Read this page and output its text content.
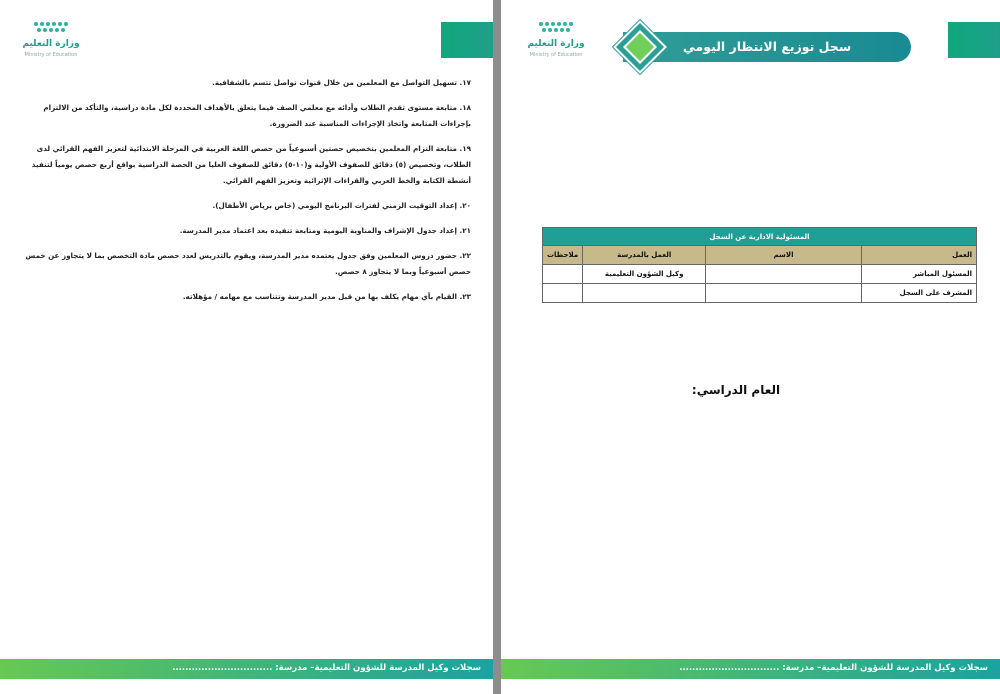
وزارة التعليم
Ministry of Education
١٧. تسهيل التواصل مع المعلمين من خلال قنوات تواصل تتسم بالشفافية.
١٨. متابعة مستوى تقدم الطلاب وأدائه مع معلمي الصف فيما يتعلق بالأهداف المحددة لكل مادة دراسية، والتأكد من الالتزام بإجراءات المتابعة واتخاذ الإجراءات المناسبة عند الضرورة.
١٩. متابعة التزام المعلمين بتخصيص حصتين أسبوعياً من حصص اللغة العربية في المرحلة الابتدائية لتعزيز الفهم القرائي لدى الطلاب، وتخصيص (٥) دقائق للصفوف الأولية و(١٠-٥) دقائق للصفوف العليا من الحصة الدراسية بواقع أربع حصص يومياً لتنفيذ أنشطة الكتابة والخط العربي والقراءات الإثرائية وتعزيز الفهم القرائي.
٢٠. إعداد التوقيت الزمني لفترات البرنامج اليومي (خاص برياض الأطفال).
٢١. إعداد جدول الإشراف والمناوبة اليومية ومتابعة تنفيذه بعد اعتماد مدير المدرسة.
٢٢. حضور دروس المعلمين وفق جدول يعتمده مدير المدرسة، ويقوم بالتدريس لعدد حصص مادة التخصص بما لا يتجاوز عن خمس حصص أسبوعياً وبما لا يتجاوز ٨ حصص.
٢٣. القيام بأي مهام يكلف بها من قبل مدير المدرسة وتتناسب مع مهامه / مؤهلاته.
سجلات وكيل المدرسة للشؤون التعليمية– مدرسة: ...............................
وزارة التعليم
Ministry of Education
سجل توزيع الانتظار اليومي
المسئولية الادارية عن السجل			
العمل	الاسم	العمل بالمدرسة	ملاحظات
المسئول المباشر		وكيل الشؤون التعليمية	
المشرف على السجل			
العام الدراسي:
سجلات وكيل المدرسة للشؤون التعليمية– مدرسة: ...............................
